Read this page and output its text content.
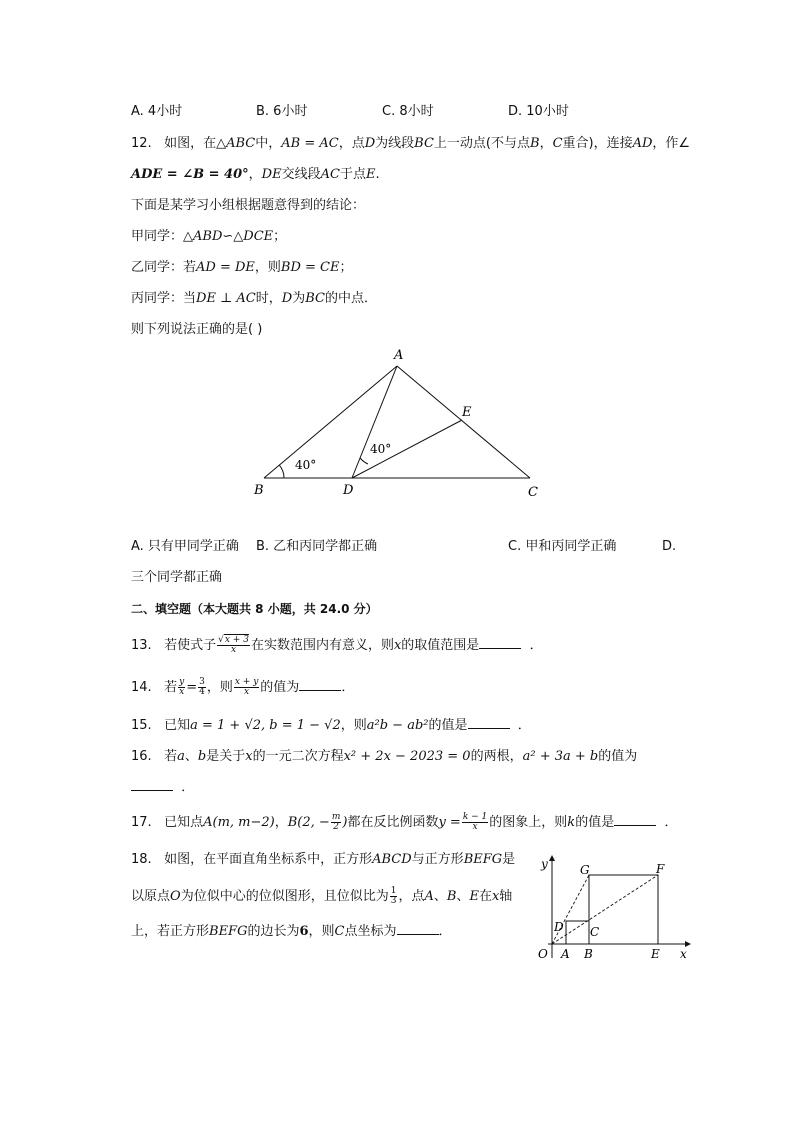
A. 4小时	B. 6小时	C. 8小时	D. 10小时
12. 如图，在△ABC中，AB = AC，点D为线段BC上一动点(不与点B，C重合)，连接AD，作∠
ADE = ∠B = 40°，DE交线段AC于点E.
下面是某学习小组根据题意得到的结论：
甲同学：△ABD∽△DCE；
乙同学：若AD = DE，则BD = CE；
丙同学：当DE ⊥ AC时，D为BC的中点．
则下列说法正确的是( )
A
B	C
D
E
40°
40°
A. 只有甲同学正确 B. 乙和丙同学都正确	C. 甲和丙同学正确	D.
三个同学都正确
二、填空题（本大题共 8 小题，共 24.0 分）
13. 若使式子 $\frac{√x + 3}{x}$ 在实数范围内有意义，则x的取值范围是	．
14. 若 $\frac{y}{x} = \frac{3}{4}$ ，则 $\frac{x + y}{x}$ 的值为	．
15. 已知a = 1 + √2, b = 1 − √2，则a²b − ab²的值是	．
16. 若a、b是关于x的一元二次方程x² + 2x − 2023 = 0的两根，a² + 3a + b的值为
．
17. 已知点A(m, m−2)，B(2, − $\frac{m}{2}$ )都在反比例函数$y = \frac{k - 1}{x}$ 的图象上，则k的值是	．
18. 如图，在平面直角坐标系中，正方形ABCD与正方形BEFG是
以原点O为位似中心的位似图形，且位似比为 $\frac{1}{3}$ ，点A、B、E在x轴
上，若正方形BEFG的边长为6，则C点坐标为	．
y
x
O A B
C
D
E
F
G
